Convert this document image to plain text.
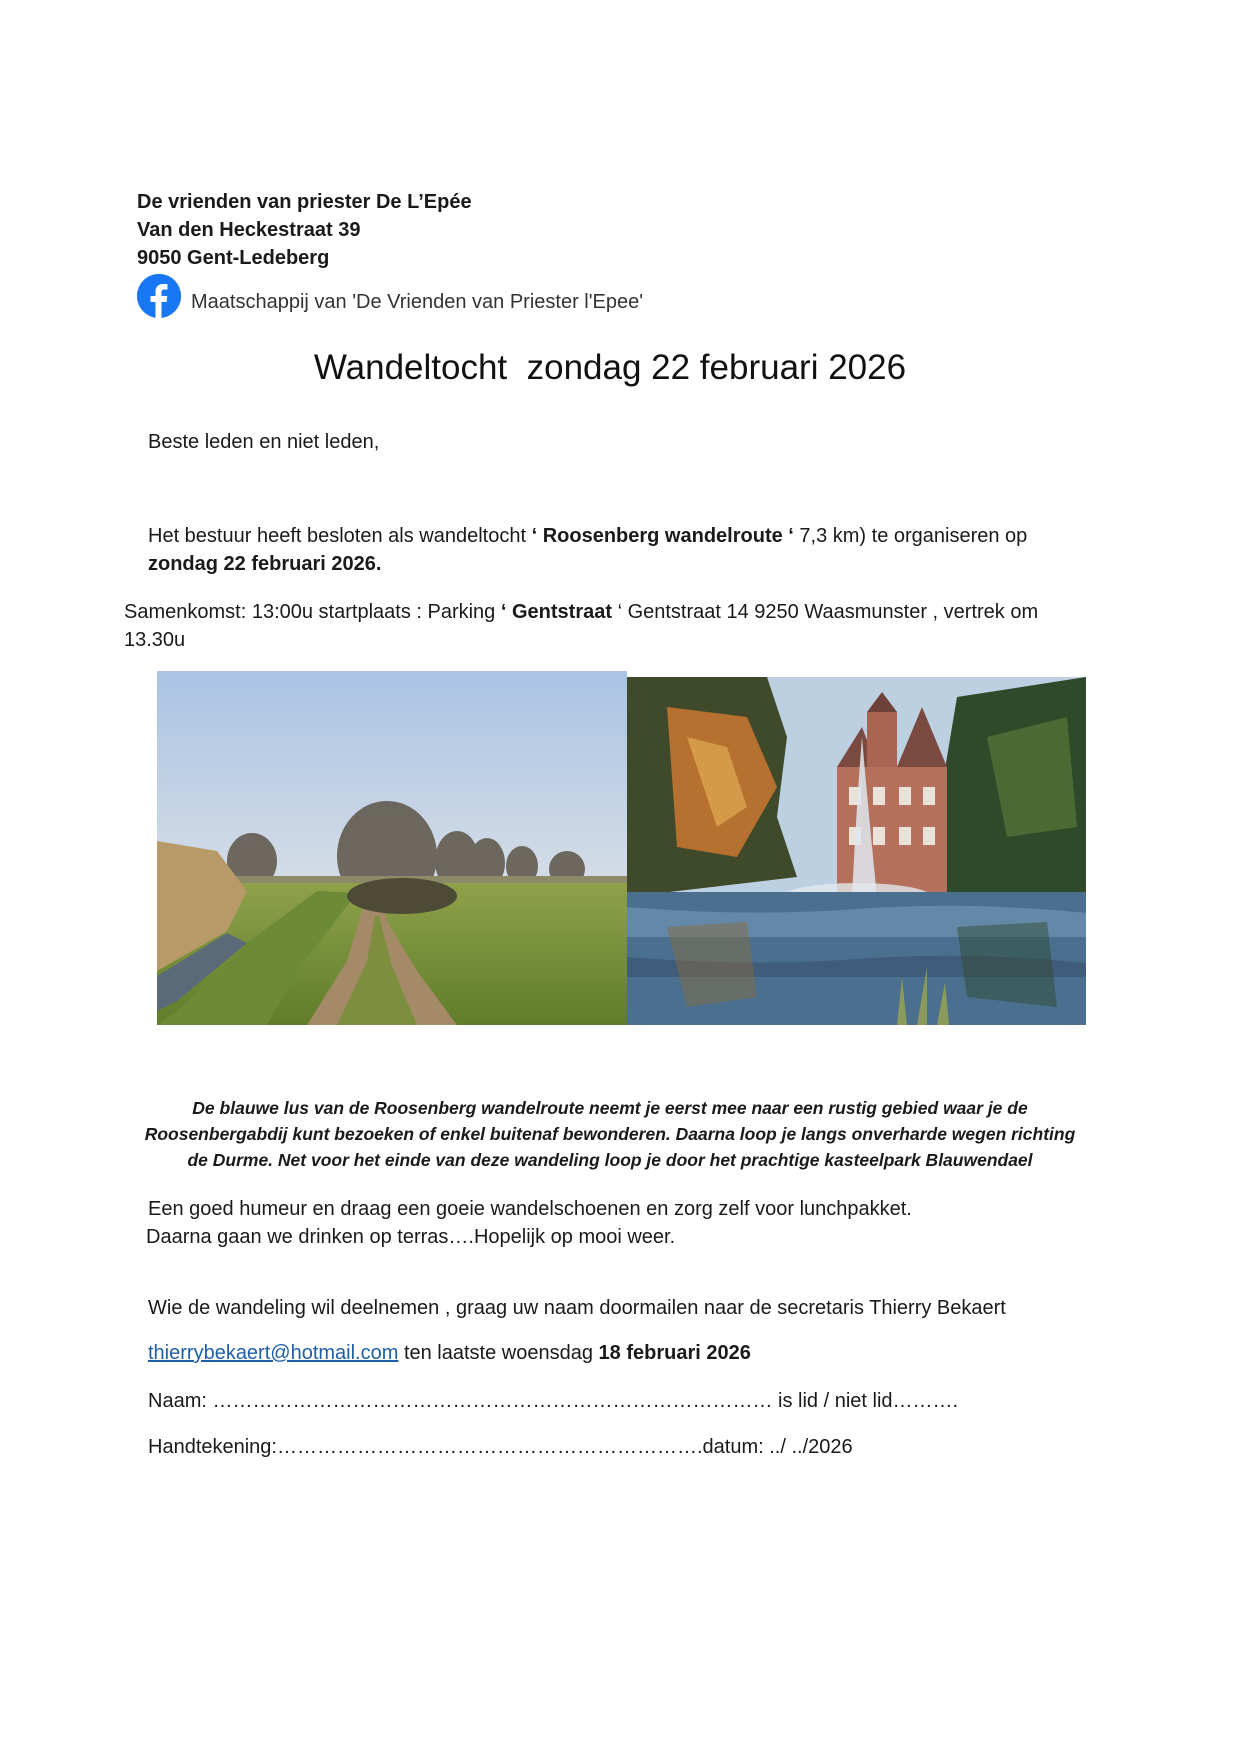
De vrienden van priester De L’Epée
Van den Heckestraat 39
9050 Gent-Ledeberg
Maatschappij van 'De Vrienden van Priester l'Epee'
Wandeltocht  zondag 22 februari 2026
Beste leden en niet leden,
Het bestuur heeft besloten als wandeltocht ‘ Roosenberg wandelroute ‘ 7,3 km) te organiseren op
zondag 22 februari 2026.
Samenkomst: 13:00u startplaats : Parking ‘ Gentstraat ‘ Gentstraat 14 9250 Waasmunster , vertrek om
13.30u
De blauwe lus van de Roosenberg wandelroute neemt je eerst mee naar een rustig gebied waar je de
Roosenbergabdij kunt bezoeken of enkel buitenaf bewonderen. Daarna loop je langs onverharde wegen richting
de Durme. Net voor het einde van deze wandeling loop je door het prachtige kasteelpark Blauwendael
Een goed humeur en draag een goeie wandelschoenen en zorg zelf voor lunchpakket.
Daarna gaan we drinken op terras….Hopelijk op mooi weer.
Wie de wandeling wil deelnemen , graag uw naam doormailen naar de secretaris Thierry Bekaert
thierrybekaert@hotmail.com ten laatste woensdag 18 februari 2026
Naam: ………………………………………………………………………… is lid / niet lid……….
Handtekening:……………………………………………………….datum: ../ ../2026
